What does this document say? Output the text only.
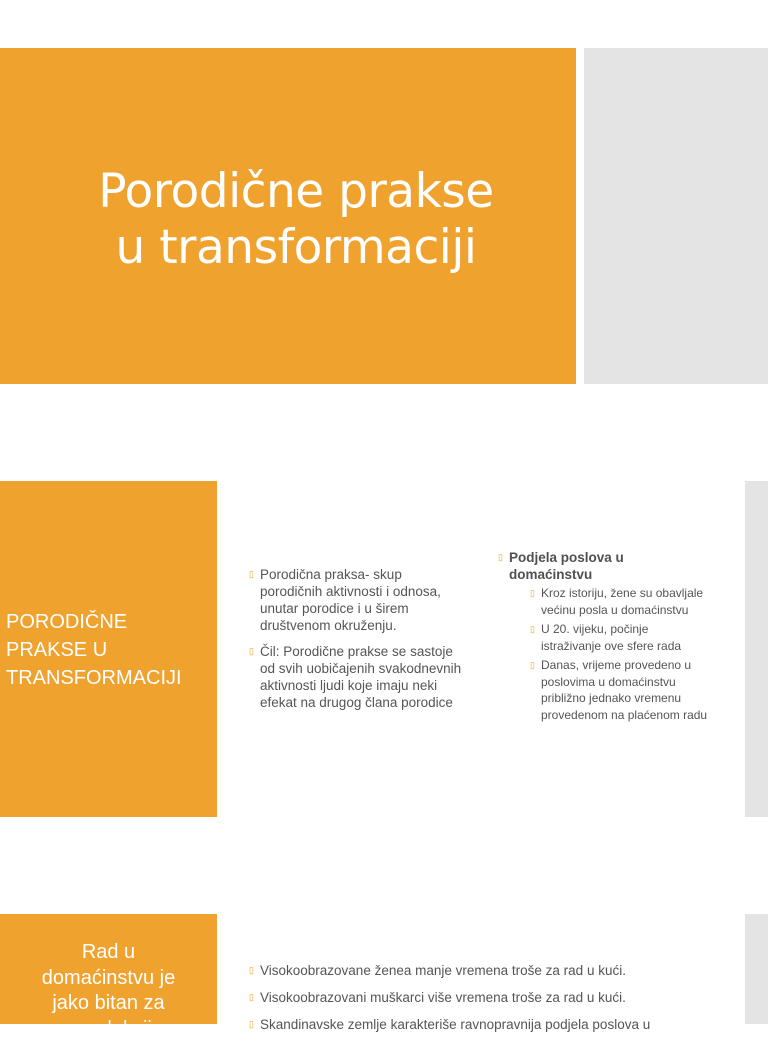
Porodične prakse
u transformaciji
PORODIČNE
PRAKSE U
TRANSFORMACIJI
▯ Porodična praksa- skup porodičnih aktivnosti i odnosa, unutar porodice i u širem društvenom okruženju.
▯ Čil: Porodične prakse se sastoje od svih uobičajenih svakodnevnih aktivnosti ljudi koje imaju neki efekat na drugog člana porodice
▯ Podjela poslova u domaćinstvu
▯ Kroz istoriju, žene su obavljale većinu posla u domaćinstvu
▯ U 20. vijeku, počinje istraživanje ove sfere rada
▯ Danas, vrijeme provedeno u poslovima u domaćinstvu približno jednako vremenu provedenom na plaćenom radu
Rad u
domaćinstvu je
jako bitan za
reprodukciju
▯ Visokoobrazovane ženea manje vremena troše za rad u kući.
▯ Visokoobrazovani muškarci više vremena troše za rad u kući.
▯ Skandinavske zemlje karakteriše ravnopravnija podjela poslova u
